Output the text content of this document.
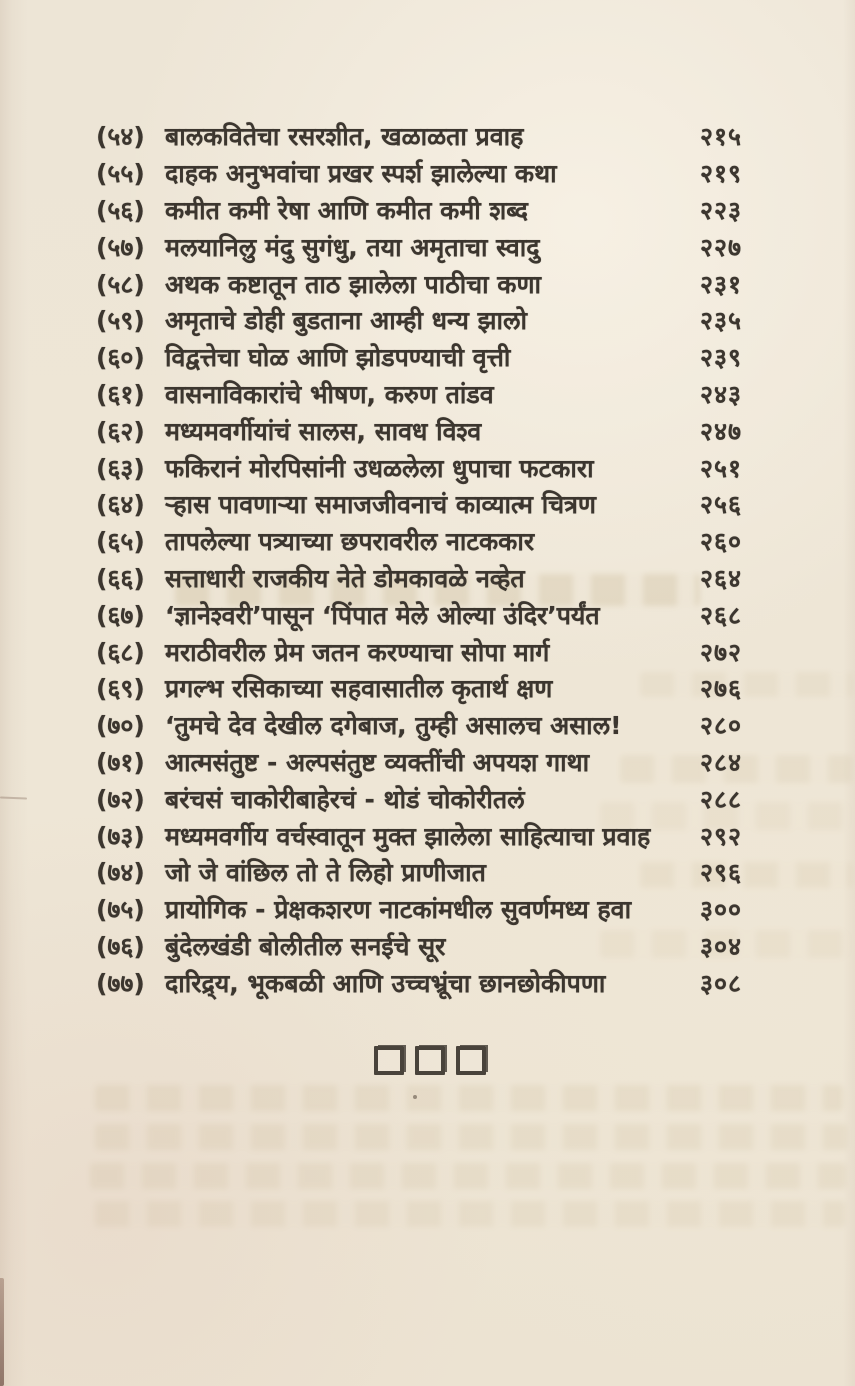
(५४) बालकवितेचा रसरशीत, खळाळता प्रवाह	२१५
(५५) दाहक अनुभवांचा प्रखर स्पर्श झालेल्या कथा	२१९
(५६) कमीत कमी रेषा आणि कमीत कमी शब्द	२२३
(५७) मलयानिलु मंदु सुगंधु, तया अमृताचा स्वादु	२२७
(५८) अथक कष्टातून ताठ झालेला पाठीचा कणा	२३१
(५९) अमृताचे डोही बुडताना आम्ही धन्य झालो	२३५
(६०) विद्वत्तेचा घोळ आणि झोडपण्याची वृत्ती	२३९
(६१) वासनाविकारांचे भीषण, करुण तांडव	२४३
(६२) मध्यमवर्गीयांचं सालस, सावध विश्व	२४७
(६३) फकिरानं मोरपिसांनी उधळलेला धुपाचा फटकारा	२५१
(६४) ऱ्हास पावणाऱ्या समाजजीवनाचं काव्यात्म चित्रण	२५६
(६५) तापलेल्या पत्र्याच्या छपरावरील नाटककार	२६०
(६६) सत्ताधारी राजकीय नेते डोमकावळे नव्हेत	२६४
(६७) ‘ज्ञानेश्वरी’पासून ‘पिंपात मेले ओल्या उंदिर’पर्यंत	२६८
(६८) मराठीवरील प्रेम जतन करण्याचा सोपा मार्ग	२७२
(६९) प्रगल्भ रसिकाच्या सहवासातील कृतार्थ क्षण	२७६
(७०) ‘तुमचे देव देखील दगेबाज, तुम्ही असालच असाल!	२८०
(७१) आत्मसंतुष्ट - अल्पसंतुष्ट व्यक्तींची अपयश गाथा	२८४
(७२) बरंचसं चाकोरीबाहेरचं - थोडं चोकोरीतलं	२८८
(७३) मध्यमवर्गीय वर्चस्वातून मुक्त झालेला साहित्याचा प्रवाह	२९२
(७४) जो जे वांछिल तो ते लिहो प्राणीजात	२९६
(७५) प्रायोगिक - प्रेक्षकशरण नाटकांमधील सुवर्णमध्य हवा	३००
(७६) बुंदेलखंडी बोलीतील सनईचे सूर	३०४
(७७) दारिद्र्य, भूकबळी आणि उच्चभ्रूंचा छानछोकीपणा	३०८
